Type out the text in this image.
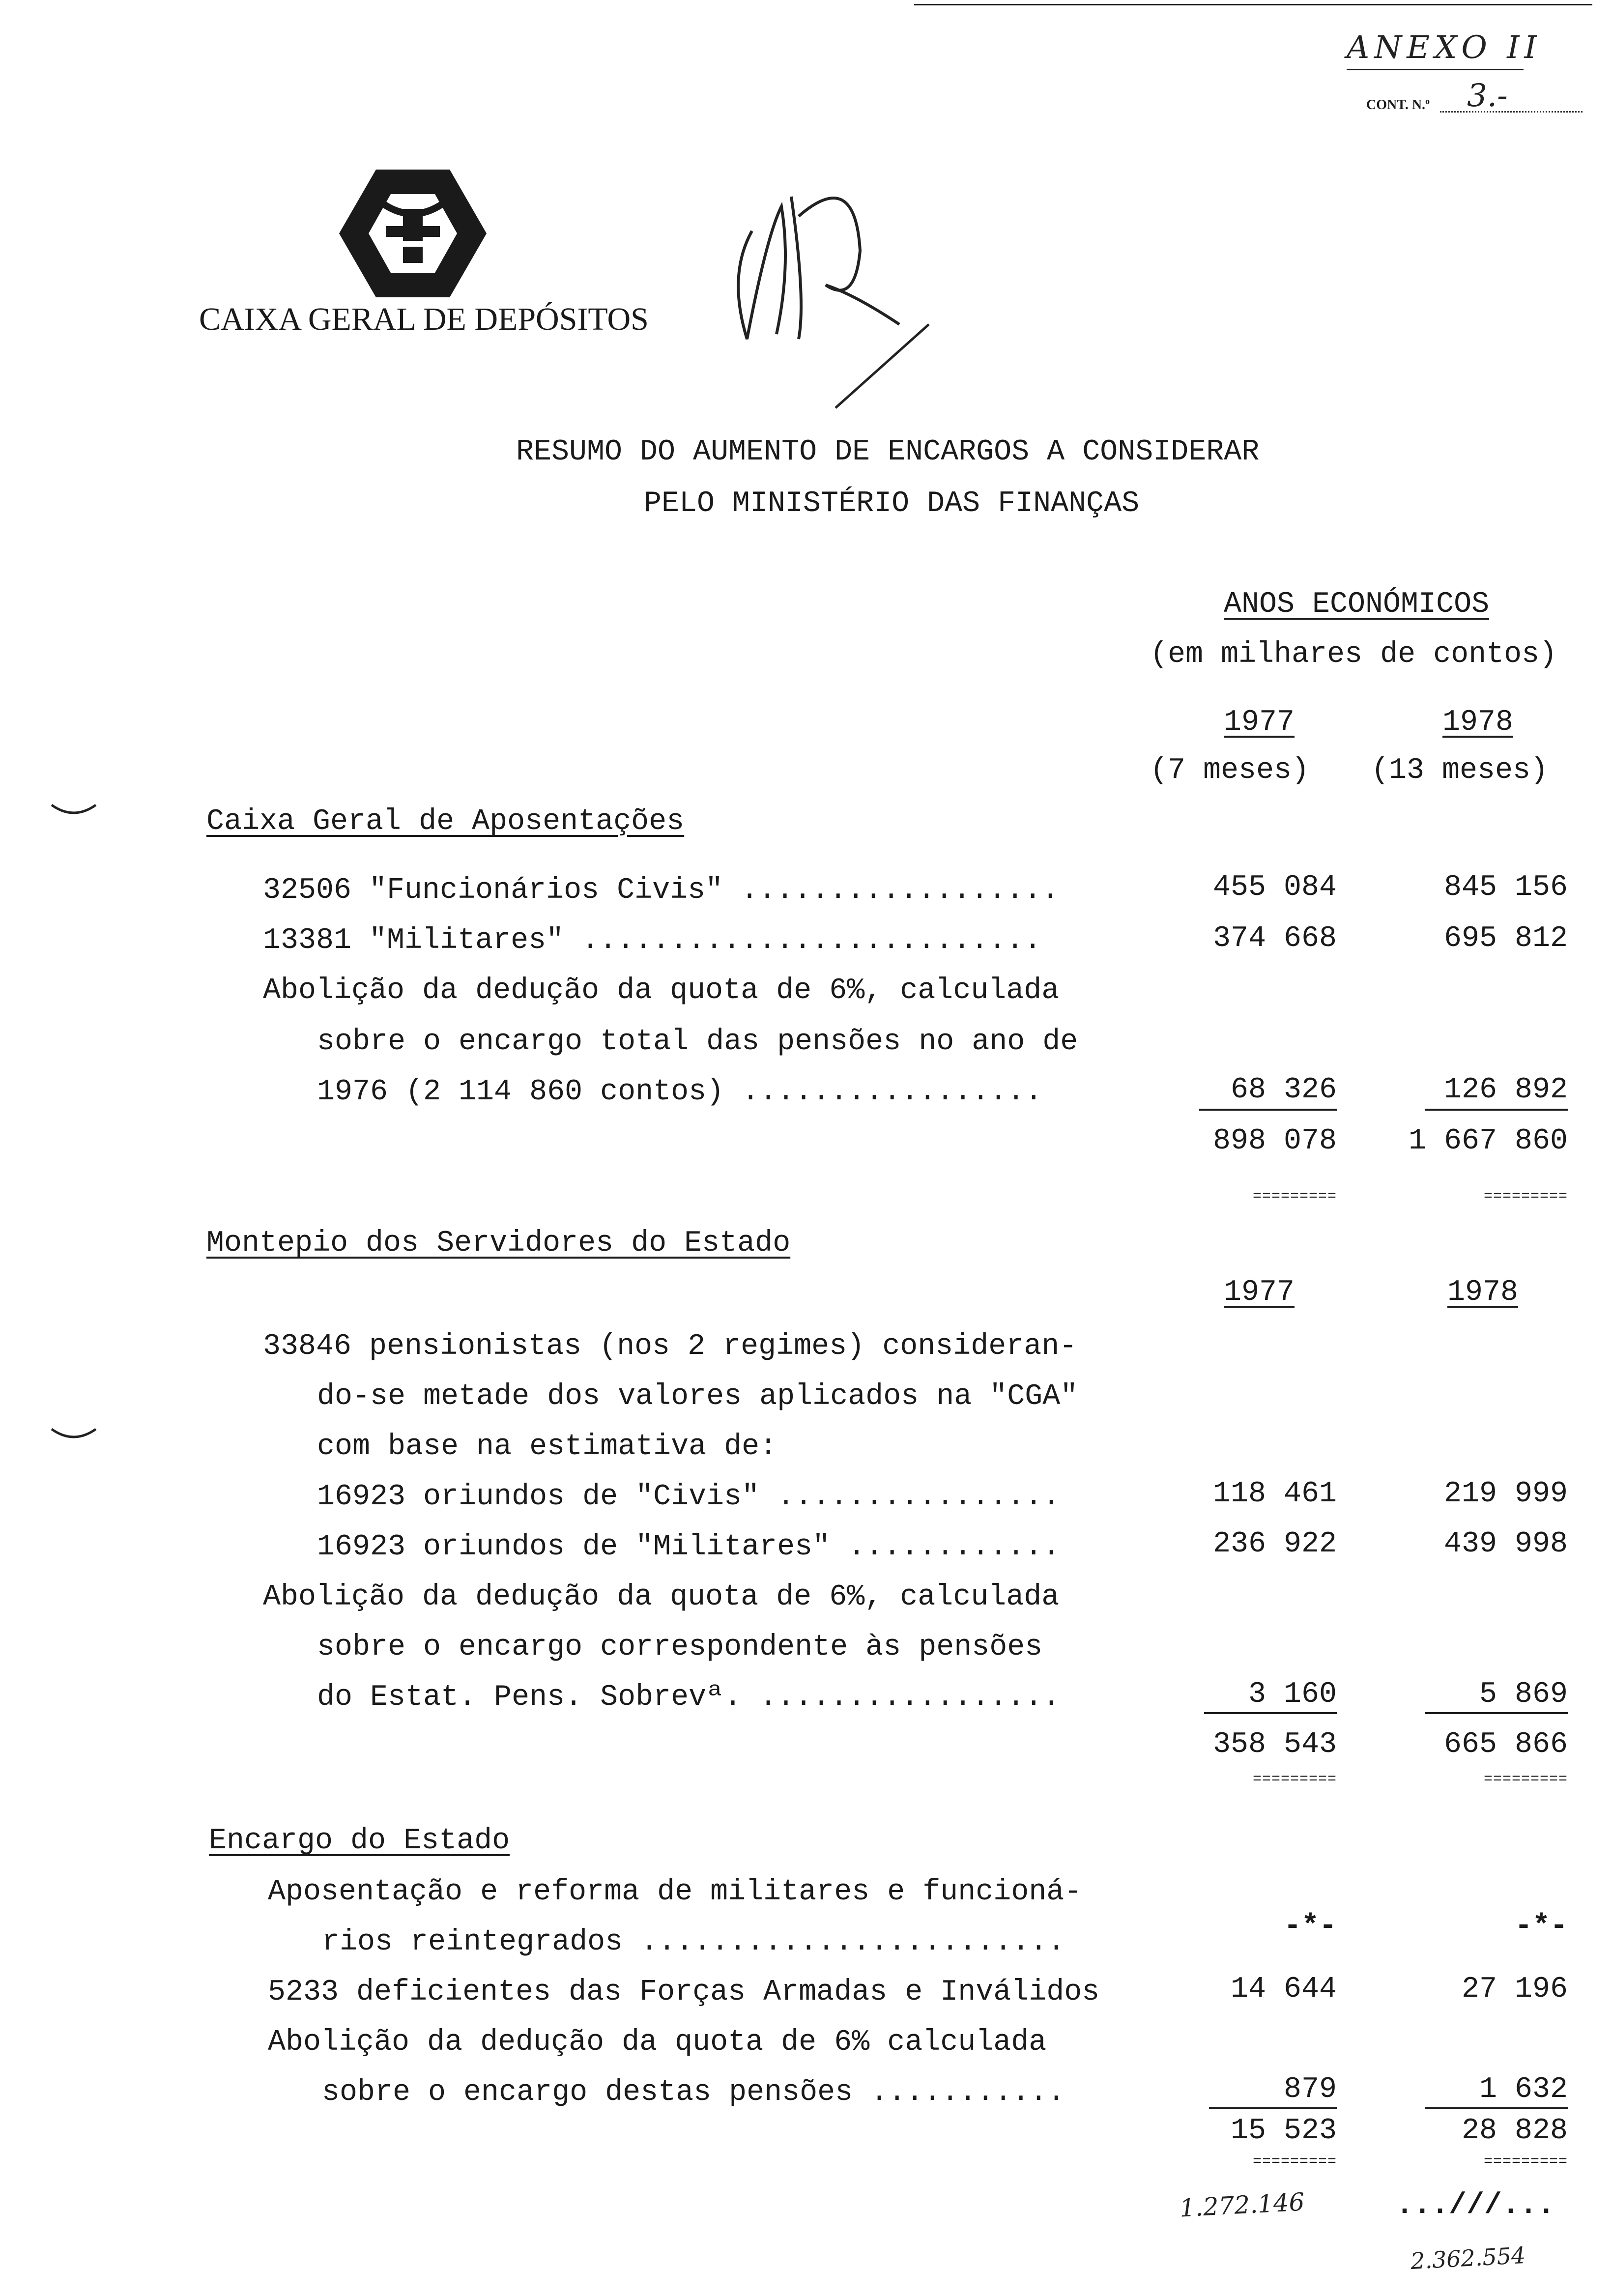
ANEXO II
CONT. N.º 3.-
CAIXA GERAL DE DEPÓSITOS
RESUMO DO AUMENTO DE ENCARGOS A CONSIDERAR
PELO MINISTÉRIO DAS FINANÇAS
ANOS ECONÓMICOS
(em milhares de contos)
1977	1978
(7 meses) (13 meses)
Caixa Geral de Aposentações
32506 "Funcionários Civis" ..................	455 084	845 156
13381 "Militares" ..........................	374 668	695 812
Abolição da dedução da quota de 6%, calculada
sobre o encargo total das pensões no ano de
1976 (2 114 860 contos) .................	68 326	126 892
898 078	1 667 860
=========	=========
Montepio dos Servidores do Estado
1977	1978
33846 pensionistas (nos 2 regimes) consideran-
do-se metade dos valores aplicados na "CGA"
com base na estimativa de:
16923 oriundos de "Civis" ................	118 461	219 999
16923 oriundos de "Militares" ............	236 922	439 998
Abolição da dedução da quota de 6%, calculada
sobre o encargo correspondente às pensões
do Estat. Pens. Sobrevª. .................	3 160	5 869
358 543	665 866
=========	=========
Encargo do Estado
Aposentação e reforma de militares e funcioná-
rios reintegrados ........................	-*-	-*-
5233 deficientes das Forças Armadas e Inválidos	14 644	27 196
Abolição da dedução da quota de 6% calculada
sobre o encargo destas pensões ...........	879	1 632
15 523	28 828
=========	=========
1.272.146	...///...
2.362.554
